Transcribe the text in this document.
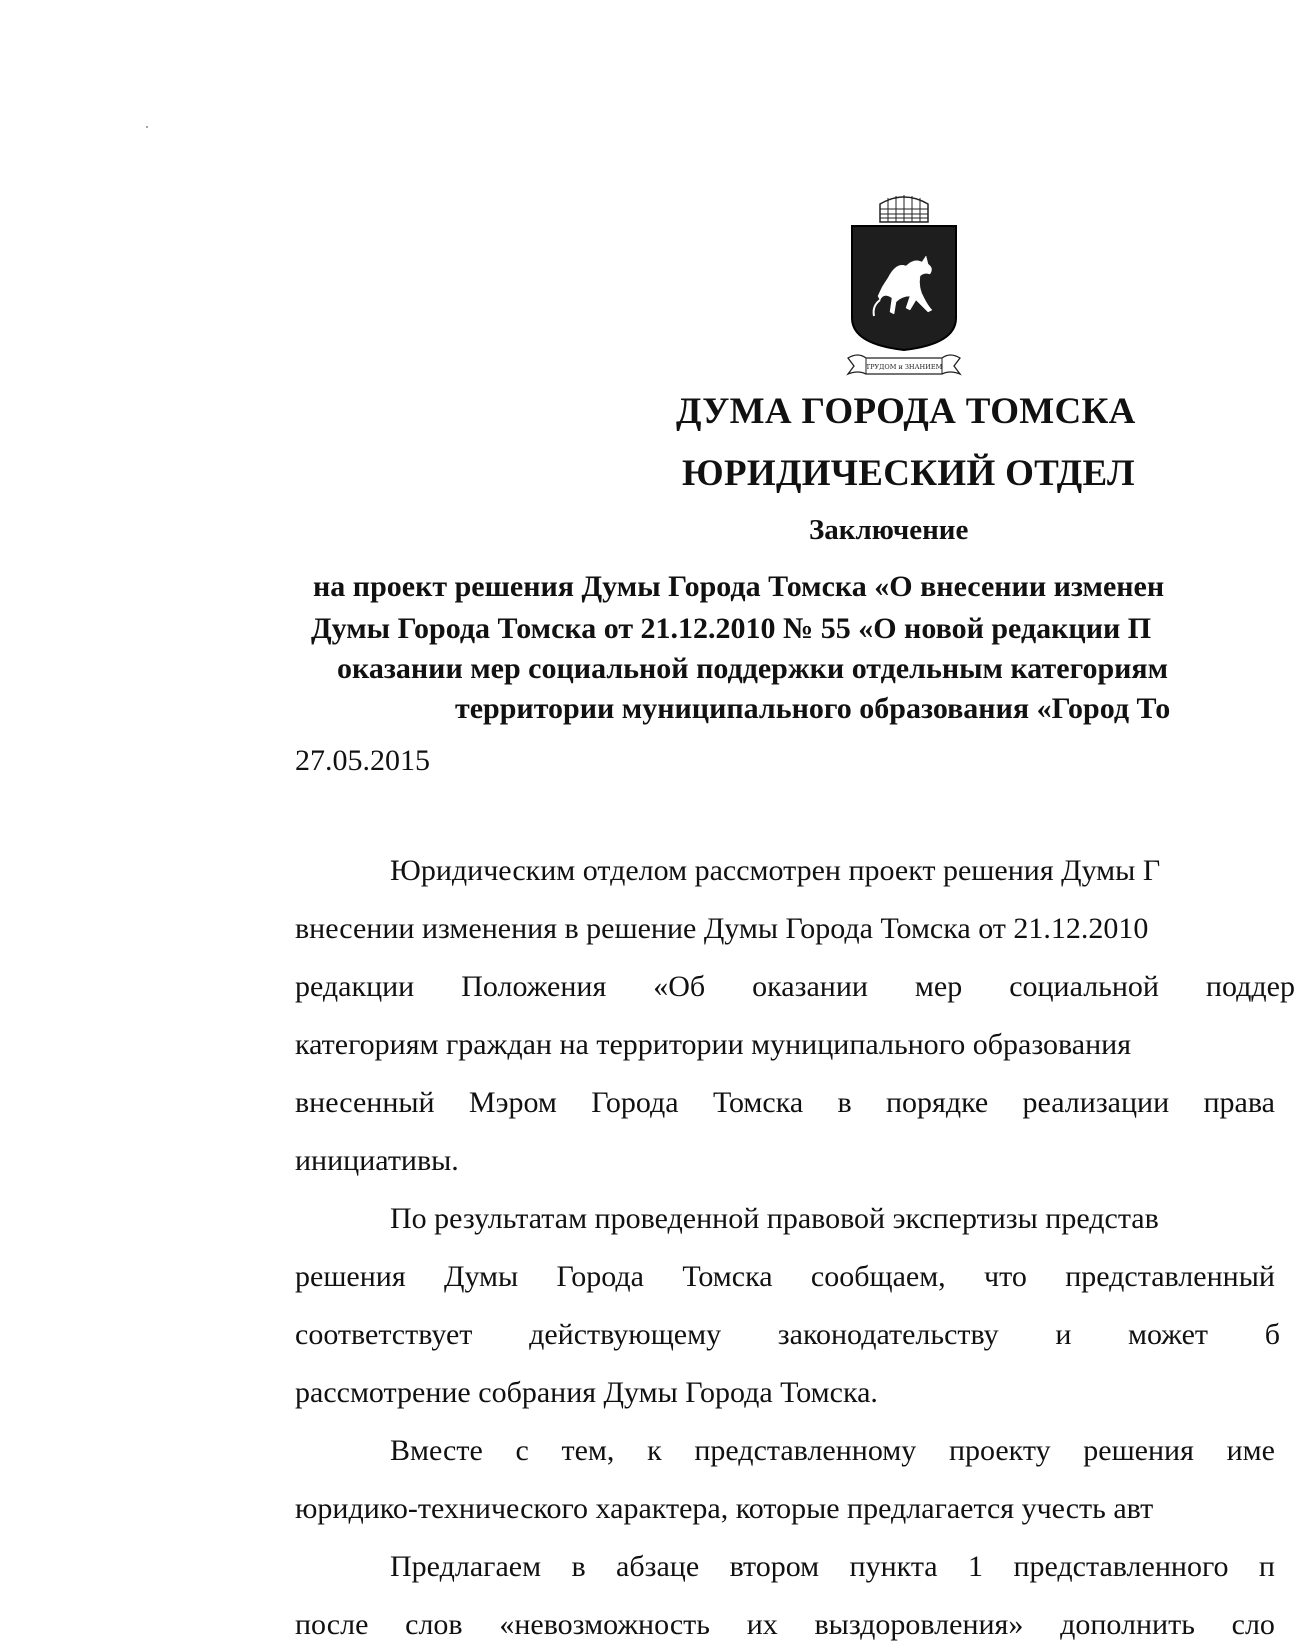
ТРУДОМ и ЗНАНИЕМ
ДУМА ГОРОДА ТОМСКА
ЮРИДИЧЕСКИЙ ОТДЕЛ
Заключение

на проект решения Думы Города Томска «О внесении изменен

Думы Города Томска от 21.12.2010 № 55 «О новой редакции П

оказании мер социальной поддержки отдельным категориям

территории муниципального образования «Город То

27.05.2015

Юридическим отделом рассмотрен проект решения Думы Г

внесении изменения в решение Думы Города Томска от 21.12.2010

редакции Положения «Об оказании мер социальной поддер

категориям граждан на территории муниципального образования

внесенный Мэром Города Томска в порядке реализации права

инициативы.

По результатам проведенной правовой экспертизы представ

решения Думы Города Томска сообщаем, что представленный
соответствует действующему законодательству и может б

рассмотрение собрания Думы Города Томска.

Вместе с тем, к представленному проекту решения име

юридико-технического характера, которые предлагается учесть авт

Предлагаем в абзаце втором пункта 1 представленного п
после слов «невозможность их выздоровления» дополнить сло
